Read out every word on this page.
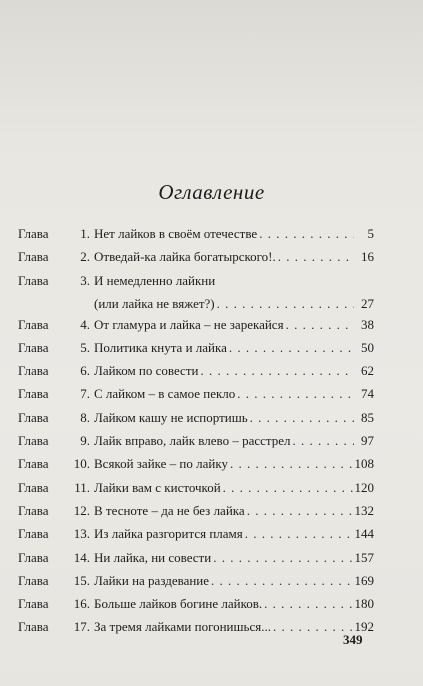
Оглавление
Глава	1. Нет лайков в своём отечестве . . .	5
Глава	2. Отведай-ка лайка богатырского!. . . .	16
Глава	3. И немедленно лайкни
(или лайка не вяжет?) . . .	27
Глава	4. От гламура и лайка – не зарекайся . . .	38
Глава	5. Политика кнута и лайка . . .	50
Глава	6. Лайком по совести . . .	62
Глава	7. С лайком – в самое пекло . . .	74
Глава	8. Лайком кашу не испортишь . . .	85
Глава	9. Лайк вправо, лайк влево – расстрел . . .	97
Глава	10. Всякой зайке – по лайку . . .	108
Глава	11. Лайки вам с кисточкой . . .	120
Глава	12. В тесноте – да не без лайка . . .	132
Глава	13. Из лайка разгорится пламя . . .	144
Глава	14. Ни лайка, ни совести . . .	157
Глава	15. Лайки на раздевание . . .	169
Глава	16. Больше лайков богине лайков. . . .	180
Глава	17. За тремя лайками погонишься... . . .	192
349
